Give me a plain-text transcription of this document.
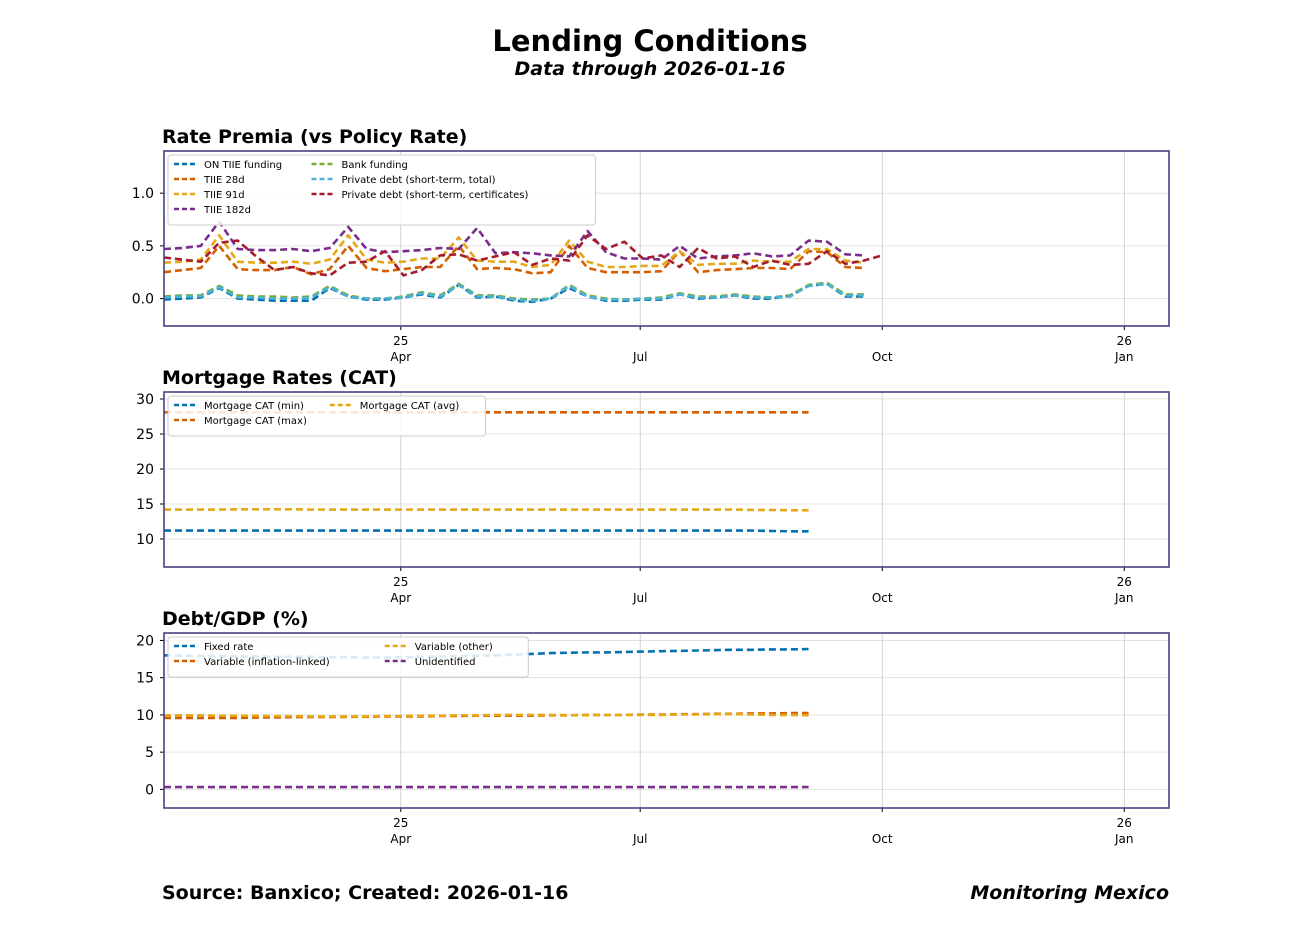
Lending Conditions
Data through 2026-01-16
Rate Premia (vs Policy Rate)
0.0
0.5
1.0
25
Apr	Jul	Oct
26
Jan
ON TIIE funding
TIIE 28d
TIIE 91d
TIIE 182d
Bank funding
Private debt (short-term, total)
Private debt (short-term, certificates)
Mortgage Rates (CAT)
10
15
20
25
30
25
Apr	Jul	Oct
26
Jan
Mortgage CAT (min)
Mortgage CAT (max)
Mortgage CAT (avg)
Debt/GDP (%)
0
5
10
15
20
25
Apr	Jul	Oct
26
Jan
Fixed rate
Variable (inflation-linked)
Variable (other)
Unidentified
Source: Banxico; Created: 2026-01-16	Monitoring Mexico
